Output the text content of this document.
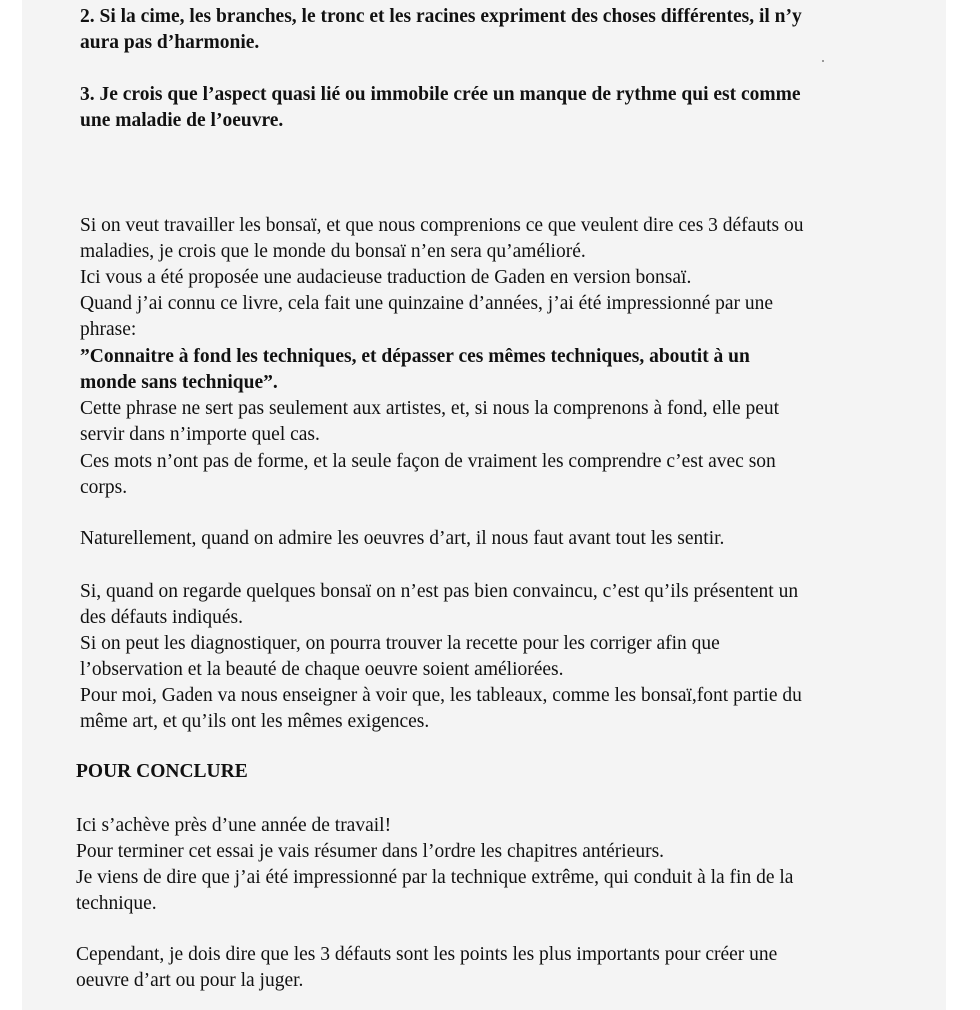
2. Si la cime, les branches, le tronc et les racines expriment des choses différentes, il n’y
aura pas d’harmonie.
3. Je crois que l’aspect quasi lié ou immobile crée un manque de rythme qui est comme
une maladie de l’oeuvre.
Si on veut travailler les bonsaï, et que nous comprenions ce que veulent dire ces 3 défauts ou
maladies, je crois que le monde du bonsaï n’en sera qu’amélioré.
Ici vous a été proposée une audacieuse traduction de Gaden en version bonsaï.
Quand j’ai connu ce livre, cela fait une quinzaine d’années, j’ai été impressionné par une
phrase:
”Connaitre à fond les techniques, et dépasser ces mêmes techniques, aboutit à un
monde sans technique”.
Cette phrase ne sert pas seulement aux artistes, et, si nous la comprenons à fond, elle peut
servir dans n’importe quel cas.
Ces mots n’ont pas de forme, et la seule façon de vraiment les comprendre c’est avec son
corps.
Naturellement, quand on admire les oeuvres d’art, il nous faut avant tout les sentir.
Si, quand on regarde quelques bonsaï on n’est pas bien convaincu, c’est qu’ils présentent un
des défauts indiqués.
Si on peut les diagnostiquer, on pourra trouver la recette pour les corriger afin que
l’observation et la beauté de chaque oeuvre soient améliorées.
Pour moi, Gaden va nous enseigner à voir que, les tableaux, comme les bonsaï,font partie du
même art, et qu’ils ont les mêmes exigences.
POUR CONCLURE
Ici s’achève près d’une année de travail!
Pour terminer cet essai je vais résumer dans l’ordre les chapitres antérieurs.
Je viens de dire que j’ai été impressionné par la technique extrême, qui conduit à la fin de la
technique.
Cependant, je dois dire que les 3 défauts sont les points les plus importants pour créer une
oeuvre d’art ou pour la juger.
